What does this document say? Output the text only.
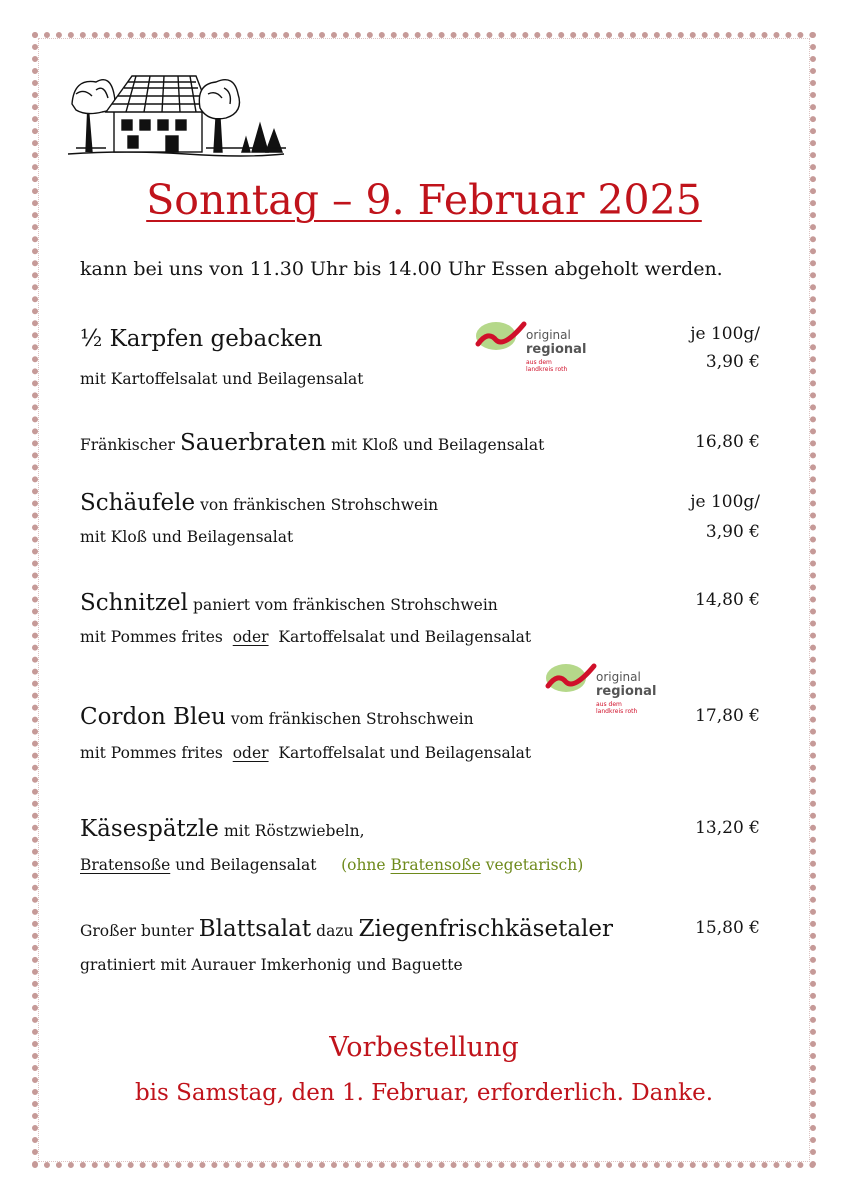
Sonntag – 9. Februar 2025
kann bei uns von 11.30 Uhr bis 14.00 Uhr Essen abgeholt werden.
½ Karpfen gebacken
mit Kartoffelsalat und Beilagensalat
je 100g/
3,90 €
original
regional
aus dem
landkreis roth
Fränkischer Sauerbraten mit Kloß und Beilagensalat	16,80 €
Schäufele von fränkischen Strohschwein
mit Kloß und Beilagensalat
je 100g/
3,90 €
Schnitzel paniert vom fränkischen Strohschwein
mit Pommes frites oder Kartoffelsalat und Beilagensalat
14,80 €
original
regional
aus dem
landkreis roth
Cordon Bleu vom fränkischen Strohschwein
mit Pommes frites oder Kartoffelsalat und Beilagensalat
17,80 €
Käsespätzle mit Röstzwiebeln,
Bratensoße und Beilagensalat (ohne Bratensoße vegetarisch)
13,20 €
Großer bunter Blattsalat dazu Ziegenfrischkäsetaler
gratiniert mit Aurauer Imkerhonig und Baguette
15,80 €
Vorbestellung
bis Samstag, den 1. Februar, erforderlich. Danke.
